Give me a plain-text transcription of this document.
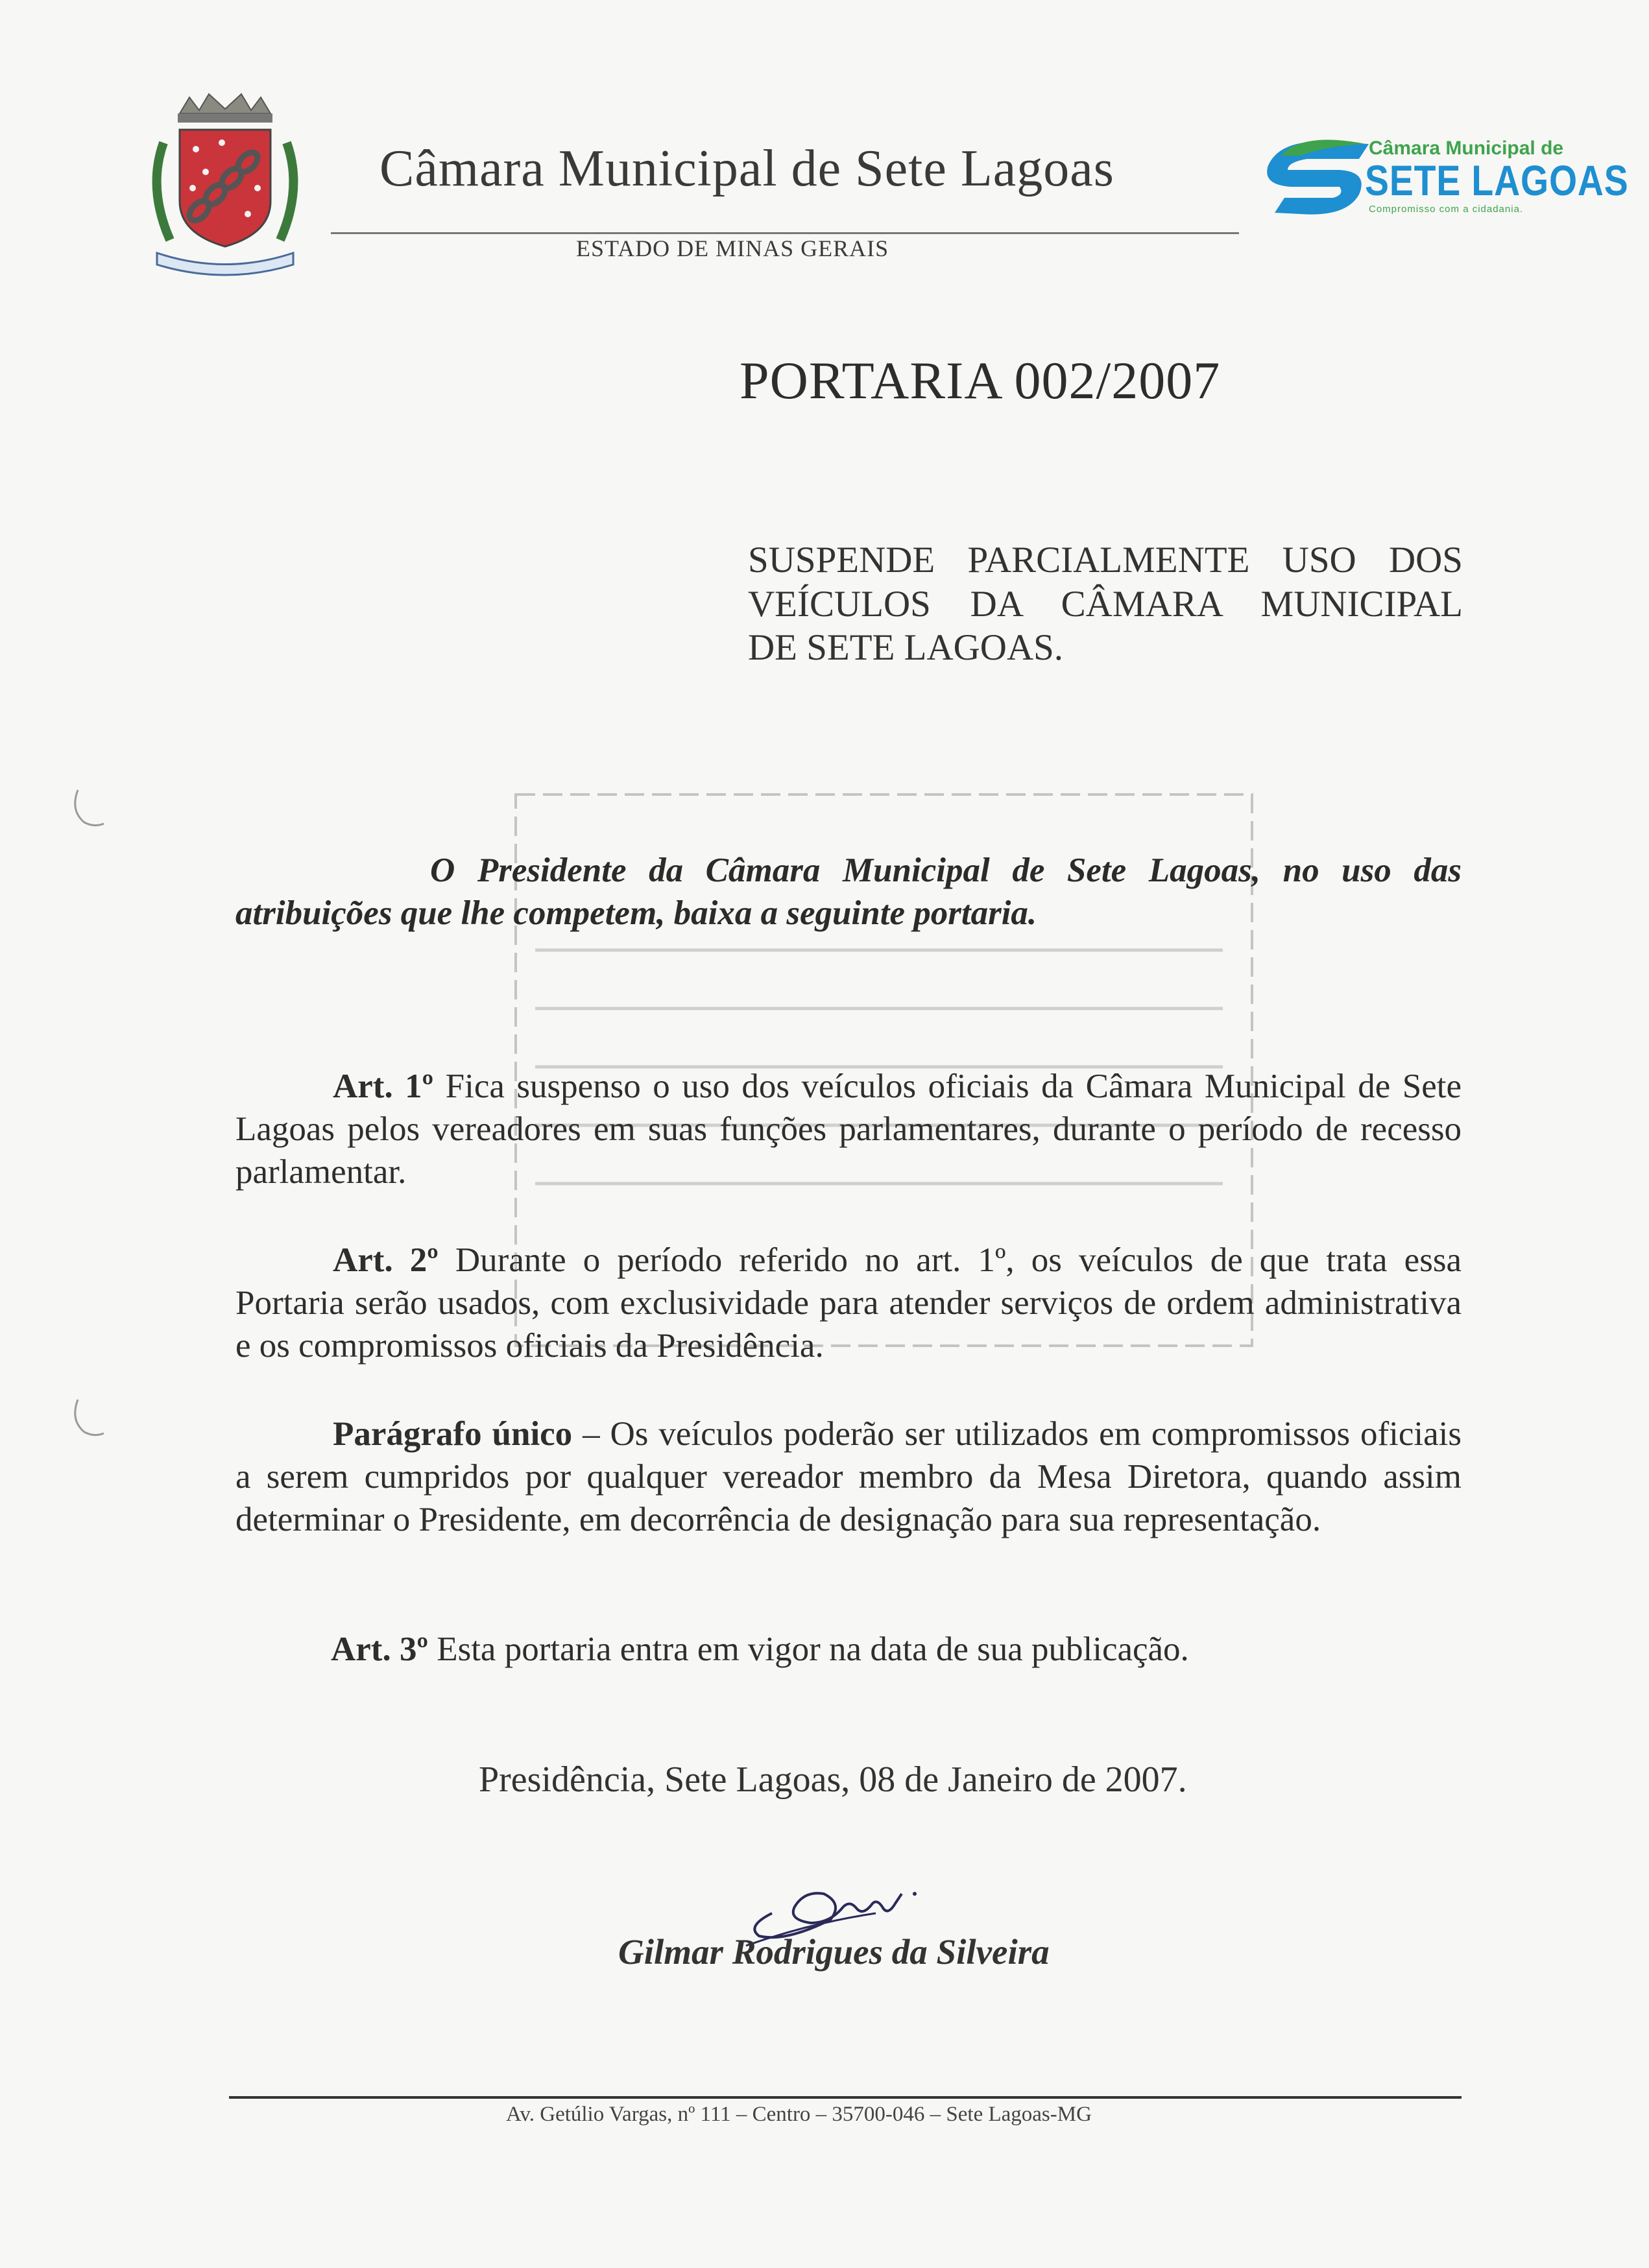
Câmara Municipal de Sete Lagoas
ESTADO DE MINAS GERAIS
Câmara Municipal de
SETE LAGOAS
Compromisso com a cidadania.
PORTARIA 002/2007
SUSPENDE PARCIALMENTE USO DOS
VEÍCULOS DA CÂMARA MUNICIPAL
DE SETE LAGOAS.
O Presidente da Câmara Municipal de Sete Lagoas, no uso das
atribuições que lhe competem, baixa a seguinte portaria.
Art. 1º Fica suspenso o uso dos veículos oficiais da Câmara Municipal de Sete Lagoas pelos vereadores em suas funções parlamentares, durante o período de recesso parlamentar.
Art. 2º Durante o período referido no art. 1º, os veículos de que trata essa Portaria serão usados, com exclusividade para atender serviços de ordem administrativa e os compromissos oficiais da Presidência.
Parágrafo único – Os veículos poderão ser utilizados em compromissos oficiais a serem cumpridos por qualquer vereador membro da Mesa Diretora, quando assim determinar o Presidente, em decorrência de designação para sua representação.
Art. 3º Esta portaria entra em vigor na data de sua publicação.
Presidência, Sete Lagoas, 08 de Janeiro de 2007.
Gilmar Rodrigues da Silveira
Av. Getúlio Vargas, nº 111 – Centro – 35700-046 – Sete Lagoas-MG
